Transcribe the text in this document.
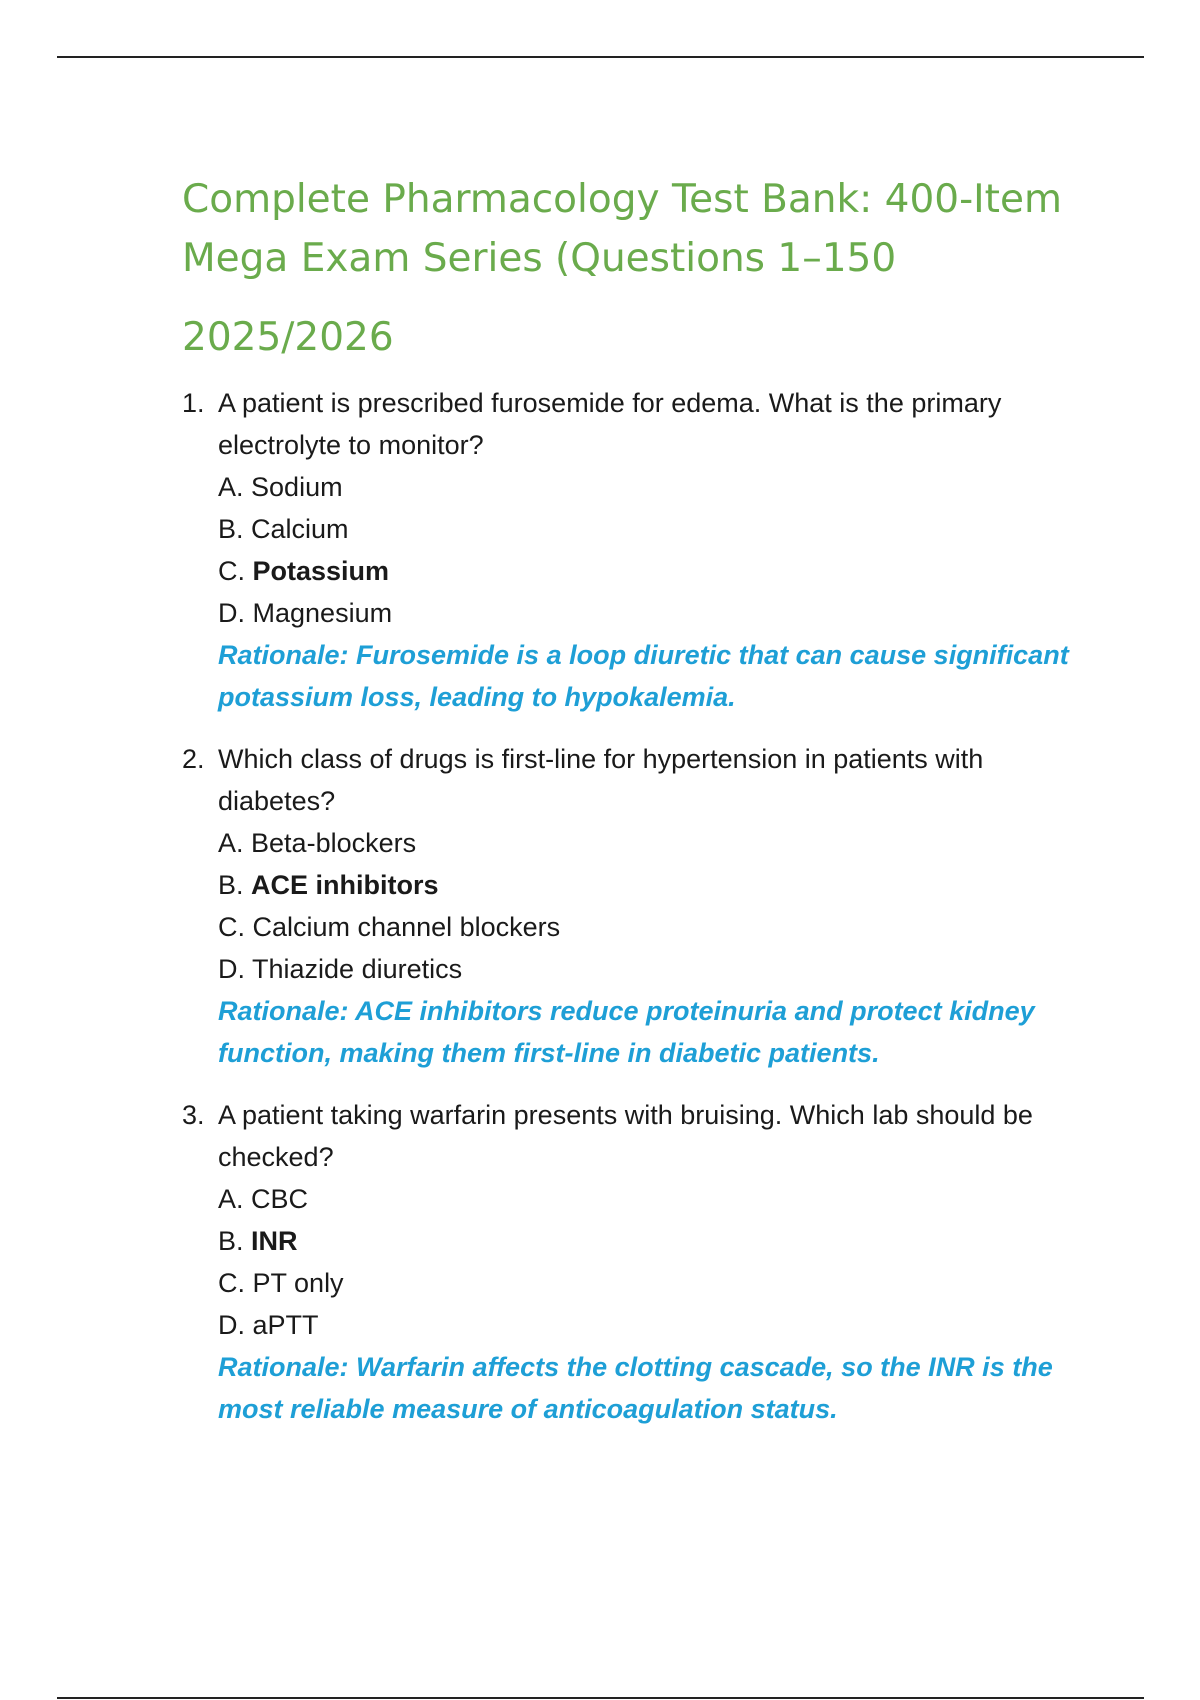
Complete Pharmacology Test Bank: 400-Item Mega Exam Series (Questions 1–150
2025/2026
1. A patient is prescribed furosemide for edema. What is the primary electrolyte to monitor?
A. Sodium
B. Calcium
C. Potassium
D. Magnesium

Rationale: Furosemide is a loop diuretic that can cause significant potassium loss, leading to hypokalemia.

2. Which class of drugs is first-line for hypertension in patients with diabetes?
A. Beta-blockers
B. ACE inhibitors
C. Calcium channel blockers
D. Thiazide diuretics

Rationale: ACE inhibitors reduce proteinuria and protect kidney function, making them first-line in diabetic patients.

3. A patient taking warfarin presents with bruising. Which lab should be checked?
A. CBC
B. INR
C. PT only
D. aPTT

Rationale: Warfarin affects the clotting cascade, so the INR is the most reliable measure of anticoagulation status.
